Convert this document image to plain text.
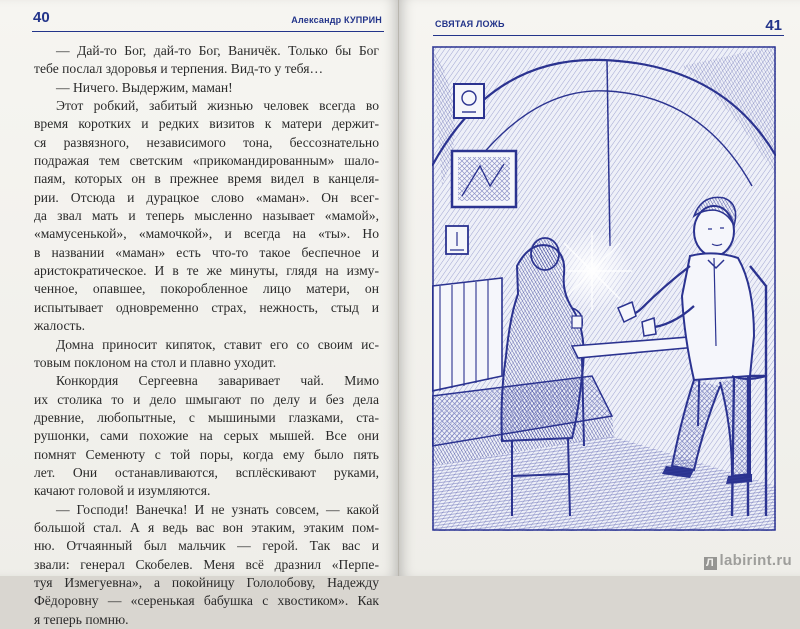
40	Александр КУПРИН
— Дай-то Бог, дай-то Бог, Ваничёк. Только бы Бог
тебе послал здоровья и терпения. Вид-то у тебя…
— Ничего. Выдержим, маман!
Этот робкий, забитый жизнью человек всегда во
время коротких и редких визитов к матери держит-
ся развязного, независимого тона, бессознательно
подражая тем светским «прикомандированным» шало-
паям, которых он в прежнее время видел в канцеля-
рии. Отсюда и дурацкое слово «маман». Он всег-
да звал мать и теперь мысленно называет «мамой»,
«мамусенькой», «мамочкой», и всегда на «ты». Но
в названии «маман» есть что-то такое беспечное и
аристократическое. И в те же минуты, глядя на изму-
ченное, опавшее, покоробленное лицо матери, он
испытывает одновременно страх, нежность, стыд и
жалость.
Домна приносит кипяток, ставит его со своим ис-
товым поклоном на стол и плавно уходит.
Конкордия Сергеевна заваривает чай. Мимо
их столика то и дело шмыгают по делу и без дела
древние, любопытные, с мышиными глазками, ста-
рушонки, сами похожие на серых мышей. Все они
помнят Семенюту с той поры, когда ему было пять
лет. Они останавливаются, всплёскивают руками,
качают головой и изумляются.
— Господи! Ванечка! И не узнать совсем, — какой
большой стал. А я ведь вас вон этаким, этаким пом-
ню. Отчаянный был мальчик — герой. Так вас и
звали: генерал Скобелев. Меня всё дразнил «Перпе-
туя Измегуевна», а покойницу Гололобову, Надежду
Фёдоровну — «серенькая бабушка с хвостиком». Как
я теперь помню.
СВЯТАЯ ЛОЖЬ	41
Л labirint.ru
